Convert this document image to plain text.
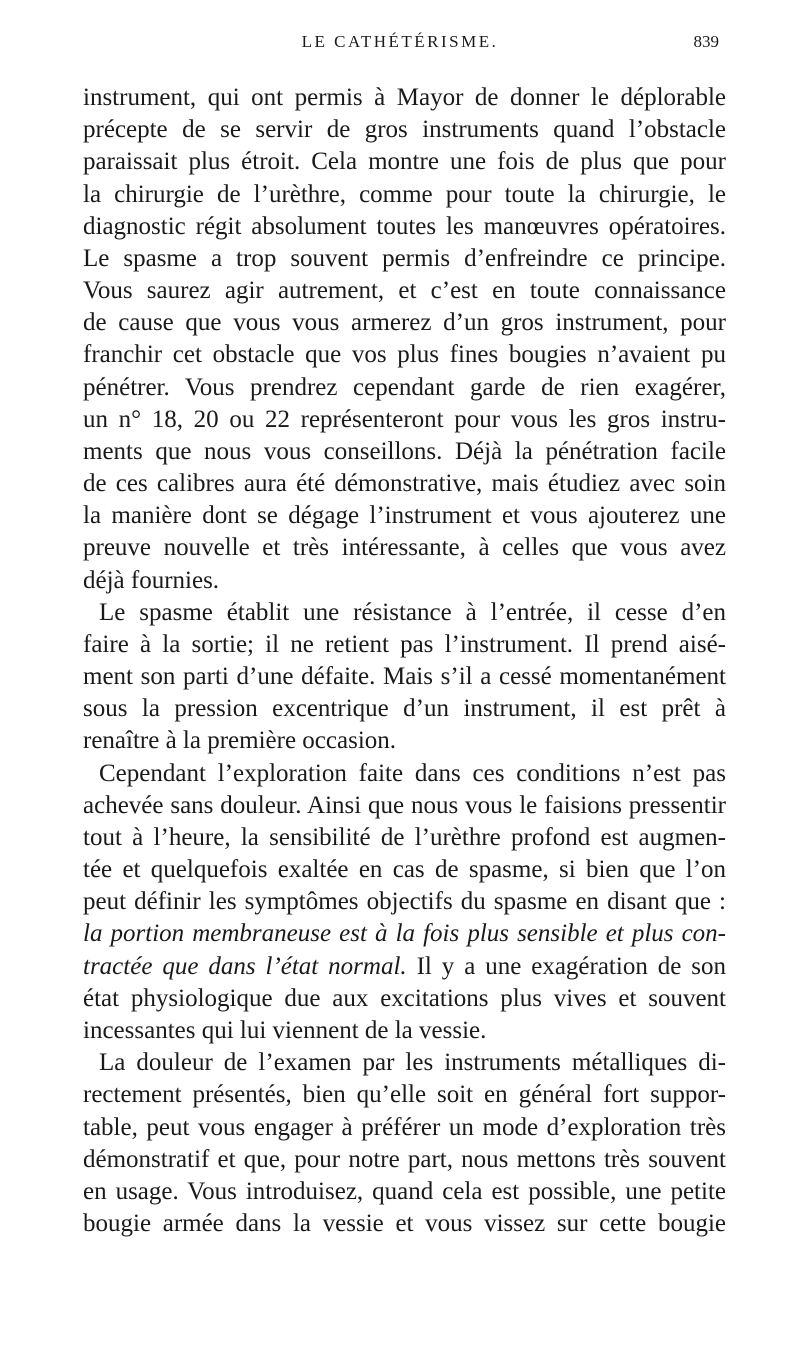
LE CATHÉTÉRISME.	839
instrument, qui ont permis à Mayor de donner le déplorable
précepte de se servir de gros instruments quand l’obstacle
paraissait plus étroit. Cela montre une fois de plus que pour
la chirurgie de l’urèthre, comme pour toute la chirurgie, le
diagnostic régit absolument toutes les manœuvres opératoires.
Le spasme a trop souvent permis d’enfreindre ce principe.
Vous saurez agir autrement, et c’est en toute connaissance
de cause que vous vous armerez d’un gros instrument, pour
franchir cet obstacle que vos plus fines bougies n’avaient pu
pénétrer. Vous prendrez cependant garde de rien exagérer,
un n° 18, 20 ou 22 représenteront pour vous les gros instru-
ments que nous vous conseillons. Déjà la pénétration facile
de ces calibres aura été démonstrative, mais étudiez avec soin
la manière dont se dégage l’instrument et vous ajouterez une
preuve nouvelle et très intéressante, à celles que vous avez
déjà fournies.
Le spasme établit une résistance à l’entrée, il cesse d’en
faire à la sortie; il ne retient pas l’instrument. Il prend aisé-
ment son parti d’une défaite. Mais s’il a cessé momentanément
sous la pression excentrique d’un instrument, il est prêt à
renaître à la première occasion.
Cependant l’exploration faite dans ces conditions n’est pas
achevée sans douleur. Ainsi que nous vous le faisions pressentir
tout à l’heure, la sensibilité de l’urèthre profond est augmen-
tée et quelquefois exaltée en cas de spasme, si bien que l’on
peut définir les symptômes objectifs du spasme en disant que :
la portion membraneuse est à la fois plus sensible et plus con-
tractée que dans l’état normal. Il y a une exagération de son
état physiologique due aux excitations plus vives et souvent
incessantes qui lui viennent de la vessie.
La douleur de l’examen par les instruments métalliques di-
rectement présentés, bien qu’elle soit en général fort suppor-
table, peut vous engager à préférer un mode d’exploration très
démonstratif et que, pour notre part, nous mettons très souvent
en usage. Vous introduisez, quand cela est possible, une petite
bougie armée dans la vessie et vous vissez sur cette bougie
